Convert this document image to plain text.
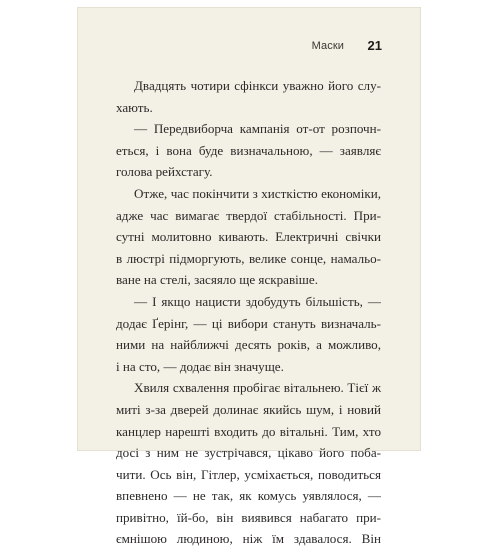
Маски 21
Двадцять чотири сфінкси уважно його слу-
хають.
— Передвиборча кампанія от-от розпочн-
еться, і вона буде визначальною, — заявляє
голова рейхстагу.
Отже, час покінчити з хисткістю економіки,
адже час вимагає твердої стабільності. При-
сутні молитовно кивають. Електричні свічки
в люстрі підморгують, велике сонце, намальо-
ване на стелі, засяяло ще яскравіше.
— І якщо нацисти здобудуть більшість, —
додає Ґерінг, — ці вибори стануть визначаль-
ними на найближчі десять років, а можливо,
і на сто, — додає він значуще.
Хвиля схвалення пробігає вітальнею. Тієї ж
миті з-за дверей долинає якийсь шум, і новий
канцлер нарешті входить до вітальні. Тим, хто
досі з ним не зустрічався, цікаво його поба-
чити. Ось він, Гітлер, усміхається, поводиться
впевнено — не так, як комусь уявлялося, —
привітно, їй-бо, він виявився набагато при-
ємнішою людиною, ніж їм здавалося. Він
